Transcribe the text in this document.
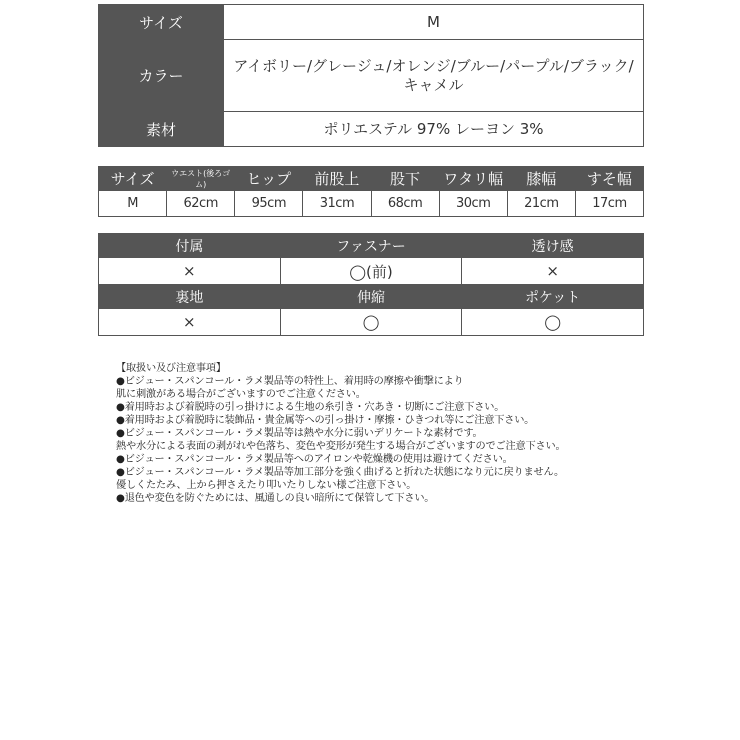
サイズ	M
カラー	アイボリー/グレージュ/オレンジ/ブルー/パープル/ブラック/
キャメル

素材	ポリエステル 97% レーヨン 3%
サイズ	ウエスト(後ろゴム)	ヒップ	前股上	股下	ワタリ幅	膝幅	すそ幅
M	62cm	95cm	31cm	68cm	30cm	21cm	17cm
付属	ファスナー	透け感
×	◯(前)	×
裏地	伸縮	ポケット
×	◯	◯
【取扱い及び注意事項】
●ビジュー・スパンコール・ラメ製品等の特性上、着用時の摩擦や衝撃により
肌に刺激がある場合がございますのでご注意ください。
●着用時および着脱時の引っ掛けによる生地の糸引き・穴あき・切断にご注意下さい。
●着用時および着脱時に装飾品・貴金属等への引っ掛け・摩擦・ひきつれ等にご注意下さい。
●ビジュー・スパンコール・ラメ製品等は熱や水分に弱いデリケートな素材です。
熱や水分による表面の剥がれや色落ち、変色や変形が発生する場合がございますのでご注意下さい。
●ビジュー・スパンコール・ラメ製品等へのアイロンや乾燥機の使用は避けてください。
●ビジュー・スパンコール・ラメ製品等加工部分を強く曲げると折れた状態になり元に戻りません。
優しくたたみ、上から押さえたり叩いたりしない様ご注意下さい。
●退色や変色を防ぐためには、風通しの良い暗所にて保管して下さい。
